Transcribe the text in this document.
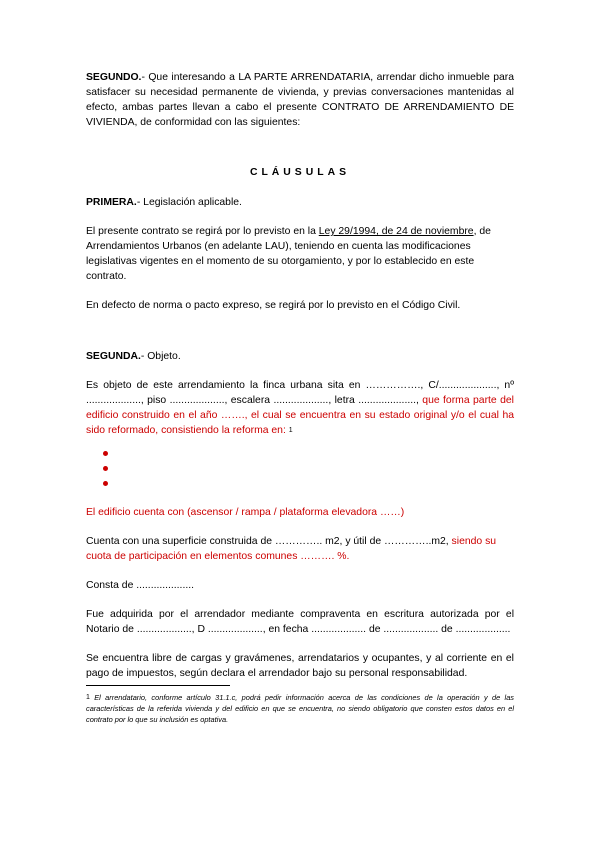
SEGUNDO.- Que interesando a LA PARTE ARRENDATARIA, arrendar dicho inmueble para satisfacer su necesidad permanente de vivienda, y previas conversaciones mantenidas al efecto, ambas partes llevan a cabo el presente CONTRATO DE ARRENDAMIENTO DE VIVIENDA, de conformidad con las siguientes:

CLÁUSULAS

PRIMERA.- Legislación aplicable.

El presente contrato se regirá por lo previsto en la Ley 29/1994, de 24 de noviembre, de Arrendamientos Urbanos (en adelante LAU), teniendo en cuenta las modificaciones legislativas vigentes en el momento de su otorgamiento, y por lo establecido en este contrato.

En defecto de norma o pacto expreso, se regirá por lo previsto en el Código Civil.

SEGUNDA.- Objeto.

Es objeto de este arrendamiento la finca urbana sita en ……………., C/...................., nº ..................., piso ..................., escalera ..................., letra ...................., que forma parte del edificio construido en el año ……., el cual se encuentra en su estado original y/o el cual ha sido reformado, consistiendo la reforma en: $^1$

El edificio cuenta con (ascensor / rampa / plataforma elevadora ……)

Cuenta con una superficie construida de ………….. m2, y útil de …………..m2, siendo su cuota de participación en elementos comunes ………. %.

Consta de ....................

Fue adquirida por el arrendador mediante compraventa en escritura autorizada por el Notario de ..................., D ..................., en fecha ................... de ................... de ...................

Se encuentra libre de cargas y gravámenes, arrendatarios y ocupantes, y al corriente en el pago de impuestos, según declara el arrendador bajo su personal responsabilidad.

$^1$ El arrendatario, conforme artículo 31.1.c, podrá pedir información acerca de las condiciones de la operación y de las características de la referida vivienda y del edificio en que se encuentra, no siendo obligatorio que consten estos datos en el contrato por lo que su inclusión es optativa.
